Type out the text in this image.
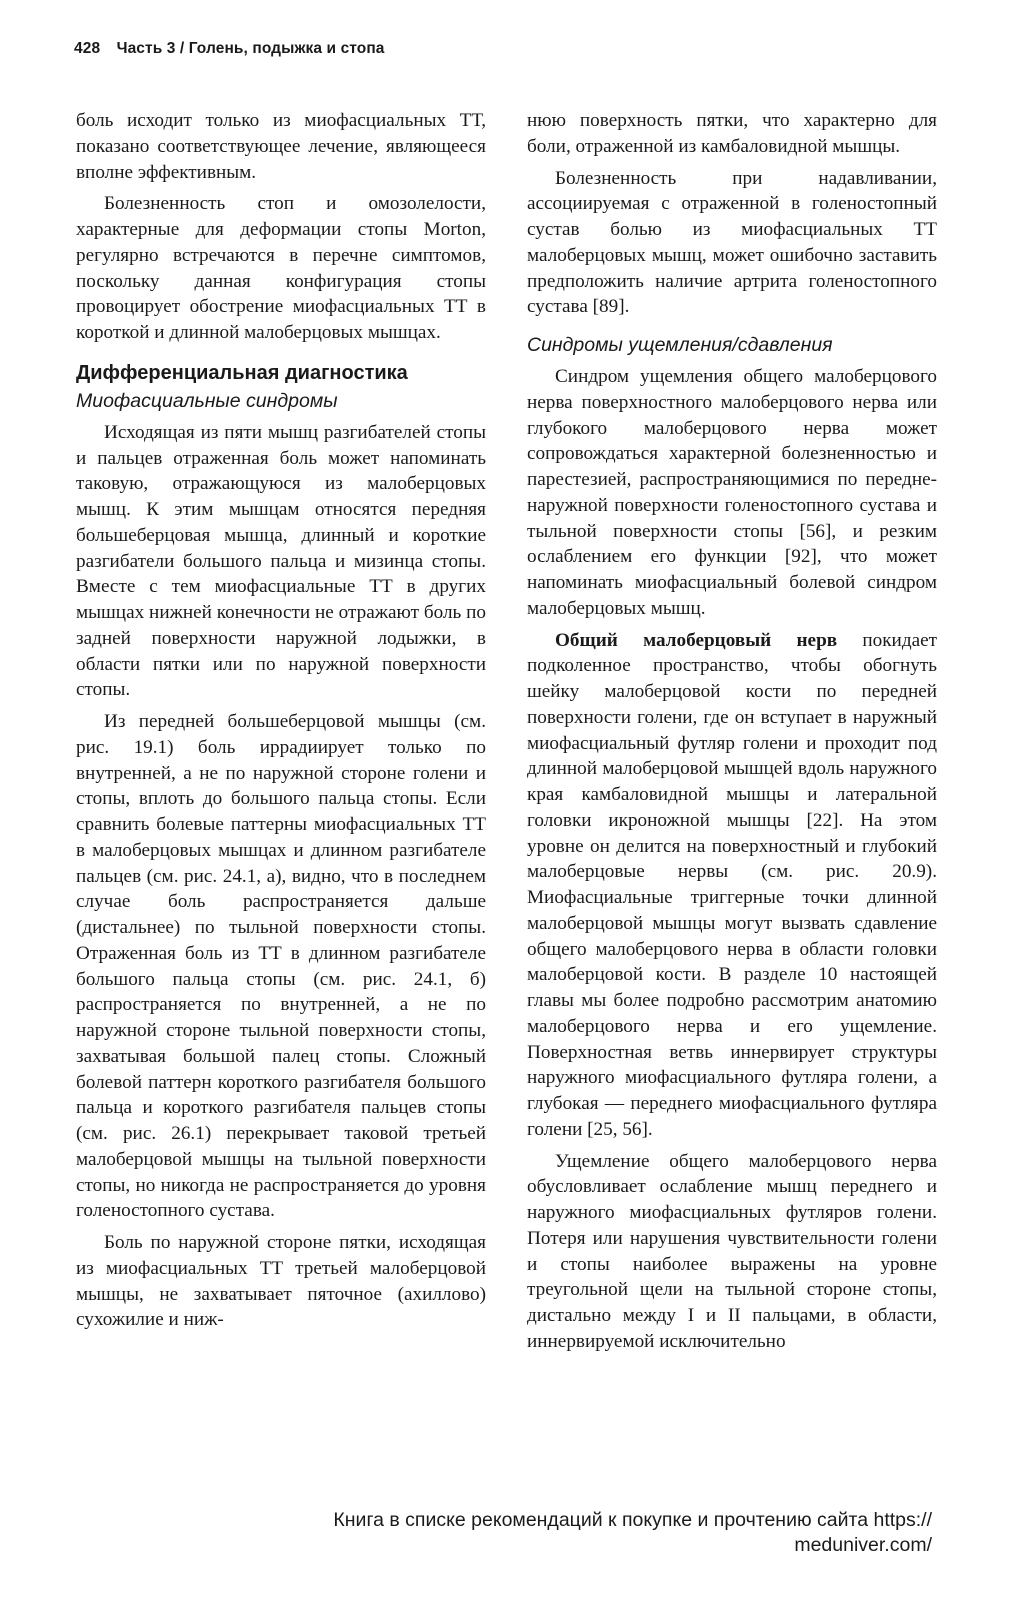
428 Часть 3 / Голень, подыжка и стопа

боль исходит только из миофасциальных ТТ, показано соответствующее лечение, являющееся вполне эффективным.

Болезненность стоп и омозолелости, характерные для деформации стопы Morton, регулярно встречаются в перечне симптомов, поскольку данная конфигурация стопы провоцирует обострение миофасциальных ТТ в короткой и длинной малоберцовых мышцах.

Дифференциальная диагностика
Миофасциальные синдромы

Исходящая из пяти мышц разгибателей стопы и пальцев отраженная боль может напоминать таковую, отражающуюся из малоберцовых мышц. К этим мышцам относятся передняя большеберцовая мышца, длинный и короткие разгибатели большого пальца и мизинца стопы. Вместе с тем миофасциальные ТТ в других мышцах нижней конечности не отражают боль по задней поверхности наружной лодыжки, в области пятки или по наружной поверхности стопы.

Из передней большеберцовой мышцы (см. рис. 19.1) боль иррадиирует только по внутренней, а не по наружной стороне голени и стопы, вплоть до большого пальца стопы. Если сравнить болевые паттерны миофасциальных ТТ в малоберцовых мышцах и длинном разгибателе пальцев (см. рис. 24.1, а), видно, что в последнем случае боль распространяется дальше (дистальнее) по тыльной поверхности стопы. Отраженная боль из ТТ в длинном разгибателе большого пальца стопы (см. рис. 24.1, б) распространяется по внутренней, а не по наружной стороне тыльной поверхности стопы, захватывая большой палец стопы. Сложный болевой паттерн короткого разгибателя большого пальца и короткого разгибателя пальцев стопы (см. рис. 26.1) перекрывает таковой третьей малоберцовой мышцы на тыльной поверхности стопы, но никогда не распространяется до уровня голеностопного сустава.

Боль по наружной стороне пятки, исходящая из миофасциальных ТТ третьей малоберцовой мышцы, не захватывает пяточное (ахиллово) сухожилие и ниж-

нюю поверхность пятки, что характерно для боли, отраженной из камбаловидной мышцы.

Болезненность при надавливании, ассоциируемая с отраженной в голеностопный сустав болью из миофасциальных ТТ малоберцовых мышц, может ошибочно заставить предположить наличие артрита голеностопного сустава [89].

Синдромы ущемления/сдавления

Синдром ущемления общего малоберцового нерва поверхностного малоберцового нерва или глубокого малоберцового нерва может сопровождаться характерной болезненностью и парестезией, распространяющимися по переднe-наружной поверхности голеностопного сустава и тыльной поверхности стопы [56], и резким ослаблением его функции [92], что может напоминать миофасциальный болевой синдром малоберцовых мышц.

Общий малоберцовый нерв покидает подколенное пространство, чтобы обогнуть шейку малоберцовой кости по передней поверхности голени, где он вступает в наружный миофасциальный футляр голени и проходит под длинной малоберцовой мышцей вдоль наружного края камбаловидной мышцы и латеральной головки икроножной мышцы [22]. На этом уровне он делится на поверхностный и глубокий малоберцовые нервы (см. рис. 20.9). Миофасциальные триггерные точки длинной малоберцовой мышцы могут вызвать сдавление общего малоберцового нерва в области головки малоберцовой кости. В разделе 10 настоящей главы мы более подробно рассмотрим анатомию малоберцового нерва и его ущемление. Поверхностная ветвь иннервирует структуры наружного миофасциального футляра голени, а глубокая — переднего миофасциального футляра голени [25, 56].

Ущемление общего малоберцового нерва обусловливает ослабление мышц переднего и наружного миофасциальных футляров голени. Потеря или нарушения чувствительности голени и стопы наиболее выражены на уровне треугольной щели на тыльной стороне стопы, дистально между I и II пальцами, в области, иннервируемой исключительно

Книга в списке рекомендаций к покупке и прочтению сайта https://
meduniver.com/
